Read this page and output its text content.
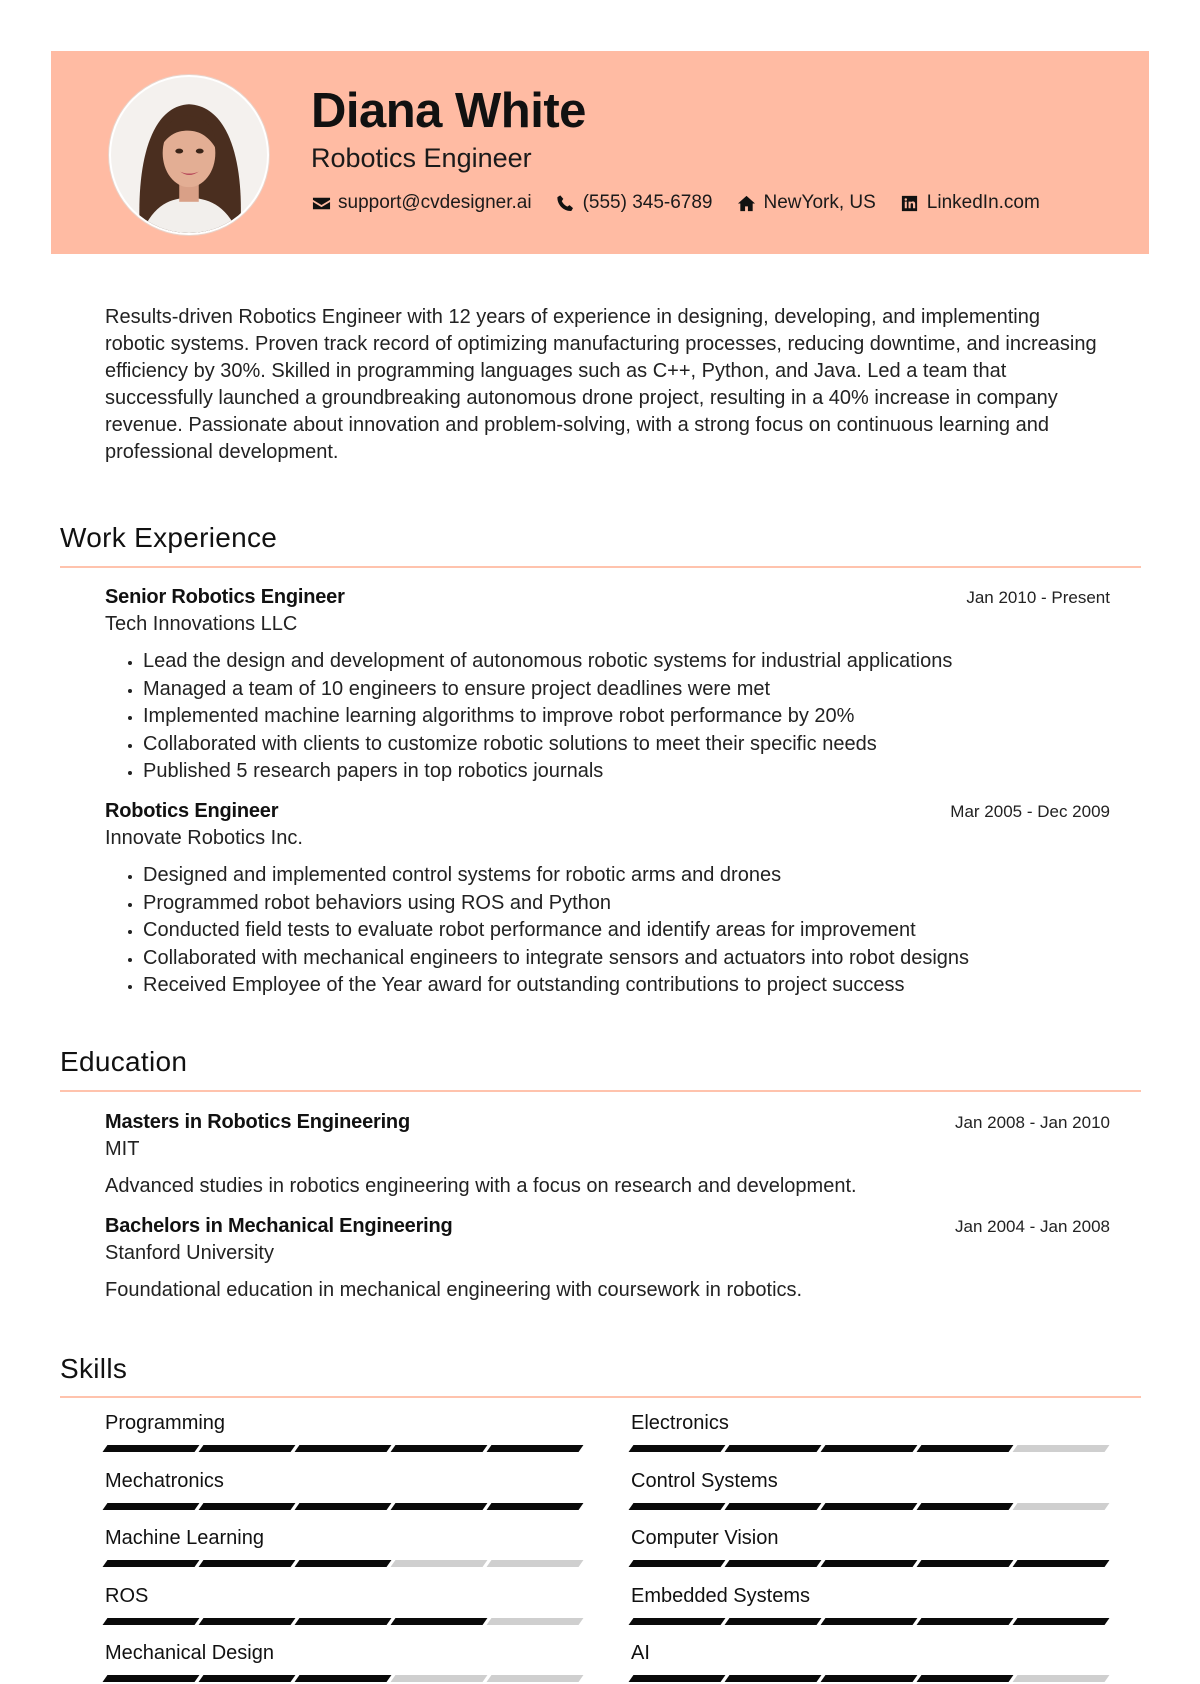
Diana White
Robotics Engineer
support@cvdesigner.ai	(555) 345-6789	NewYork, US	LinkedIn.com
Results-driven Robotics Engineer with 12 years of experience in designing, developing, and implementing robotic systems. Proven track record of optimizing manufacturing processes, reducing downtime, and increasing efficiency by 30%. Skilled in programming languages such as C++, Python, and Java. Led a team that successfully launched a groundbreaking autonomous drone project, resulting in a 40% increase in company revenue. Passionate about innovation and problem-solving, with a strong focus on continuous learning and professional development.
Work Experience
Senior Robotics Engineer	Jan 2010 - Present
Tech Innovations LLC
• Lead the design and development of autonomous robotic systems for industrial applications
• Managed a team of 10 engineers to ensure project deadlines were met
• Implemented machine learning algorithms to improve robot performance by 20%
• Collaborated with clients to customize robotic solutions to meet their specific needs
• Published 5 research papers in top robotics journals
Robotics Engineer	Mar 2005 - Dec 2009
Innovate Robotics Inc.
• Designed and implemented control systems for robotic arms and drones
• Programmed robot behaviors using ROS and Python
• Conducted field tests to evaluate robot performance and identify areas for improvement
• Collaborated with mechanical engineers to integrate sensors and actuators into robot designs
• Received Employee of the Year award for outstanding contributions to project success
Education
Masters in Robotics Engineering	Jan 2008 - Jan 2010
MIT
Advanced studies in robotics engineering with a focus on research and development.
Bachelors in Mechanical Engineering	Jan 2004 - Jan 2008
Stanford University
Foundational education in mechanical engineering with coursework in robotics.
Skills
Programming	Electronics
Mechatronics	Control Systems
Machine Learning	Computer Vision
ROS	Embedded Systems
Mechanical Design	AI
